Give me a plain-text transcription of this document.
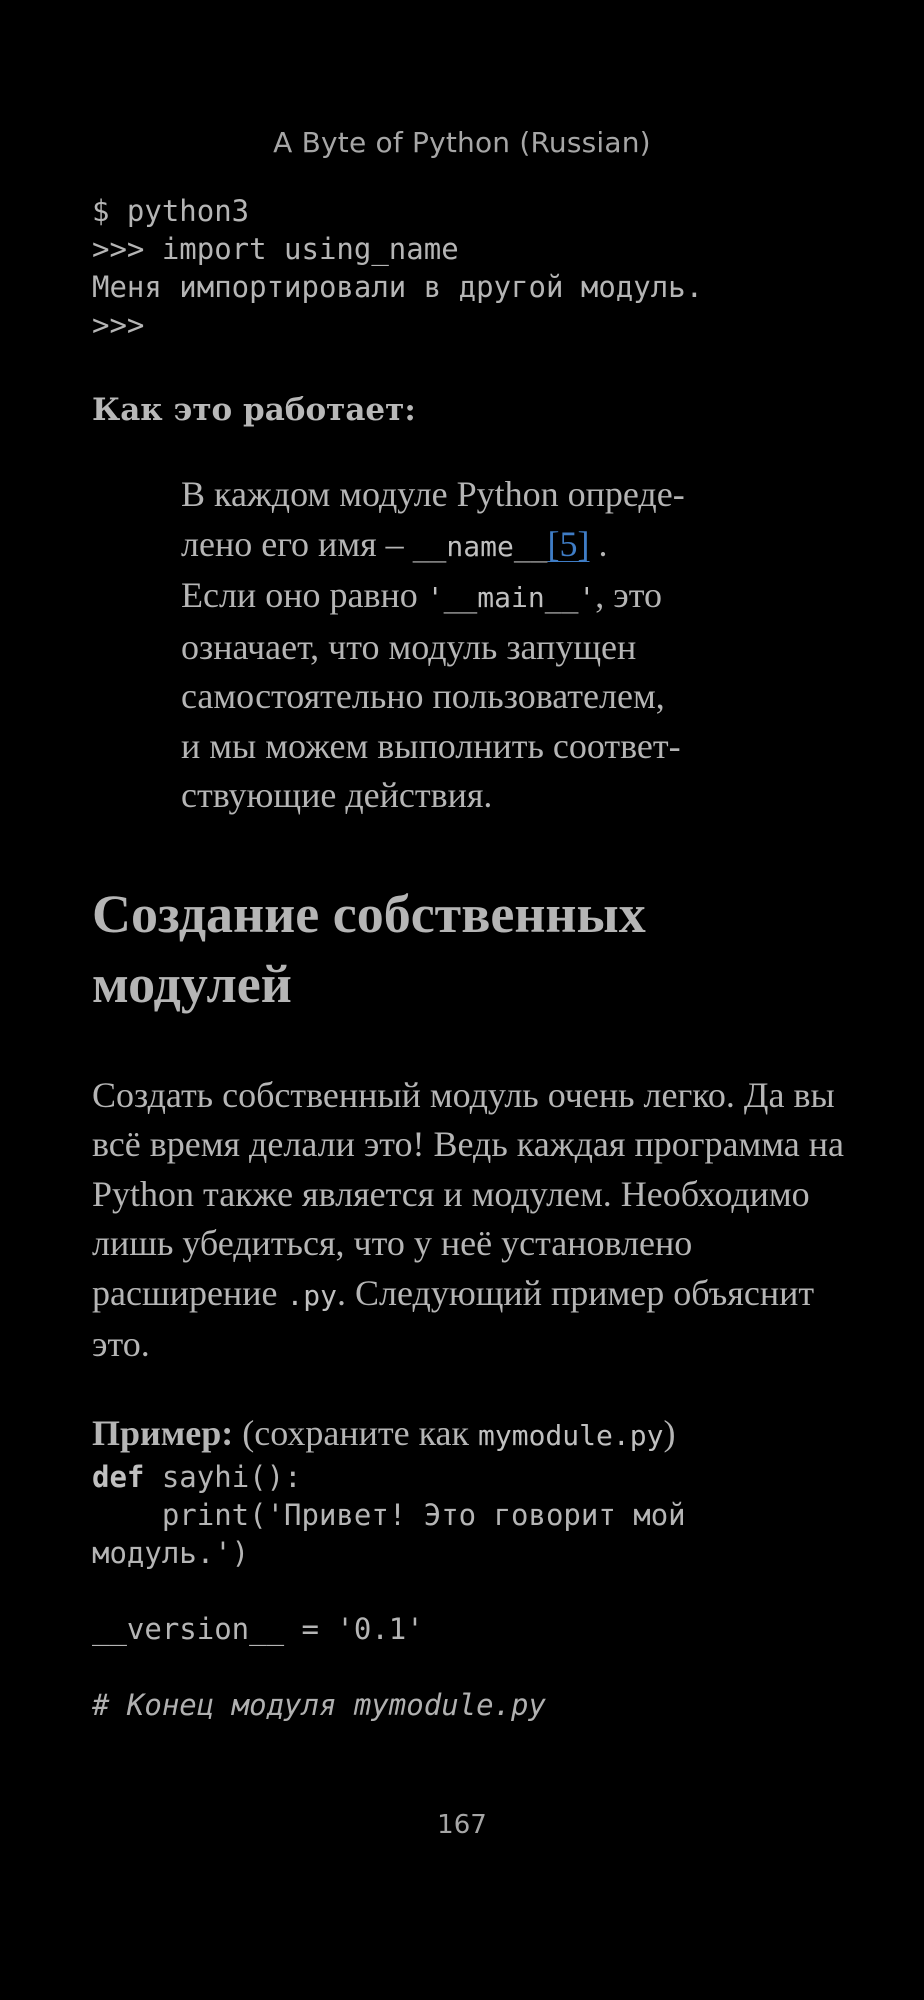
A Byte of Python (Russian)
$ python3
>>> import using_name
Меня импортировали в другой модуль.
>>>
Как это работает:
В каждом модуле Python опреде-
лено его имя – __name__[5] .
Если оно равно '__main__', это
означает, что модуль запущен
самостоятельно пользователем,
и мы можем выполнить соответ-
ствующие действия.
Создание собственных модулей
Создать собственный модуль очень легко. Да вы всё время делали это! Ведь каждая программа на Python также является и модулем. Необходимо лишь убедиться, что у неё установлено расширение .py. Следующий пример объяснит это.
Пример: (сохраните как mymodule.py)
def sayhi():
print('Привет! Это говорит мой
модуль.')
__version__ = '0.1'
# Конец модуля mymodule.py
167
